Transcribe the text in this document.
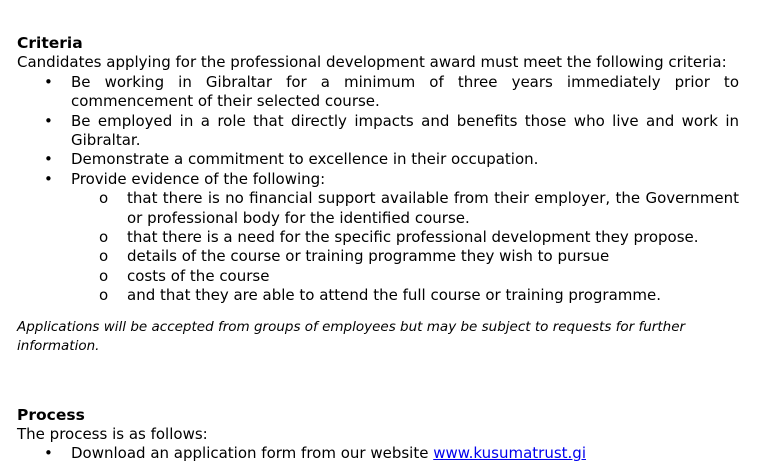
Criteria
Candidates applying for the professional development award must meet the following criteria:
• Be working in Gibraltar for a minimum of three years immediately prior to commencement of their selected course.
• Be employed in a role that directly impacts and benefits those who live and work in Gibraltar.
• Demonstrate a commitment to excellence in their occupation.
• Provide evidence of the following:
o that there is no financial support available from their employer, the Government or professional body for the identified course.
o that there is a need for the specific professional development they propose.
o details of the course or training programme they wish to pursue
o costs of the course
o and that they are able to attend the full course or training programme.
Applications will be accepted from groups of employees but may be subject to requests for further information.
Process
The process is as follows:
• Download an application form from our website www.kusumatrust.gi
